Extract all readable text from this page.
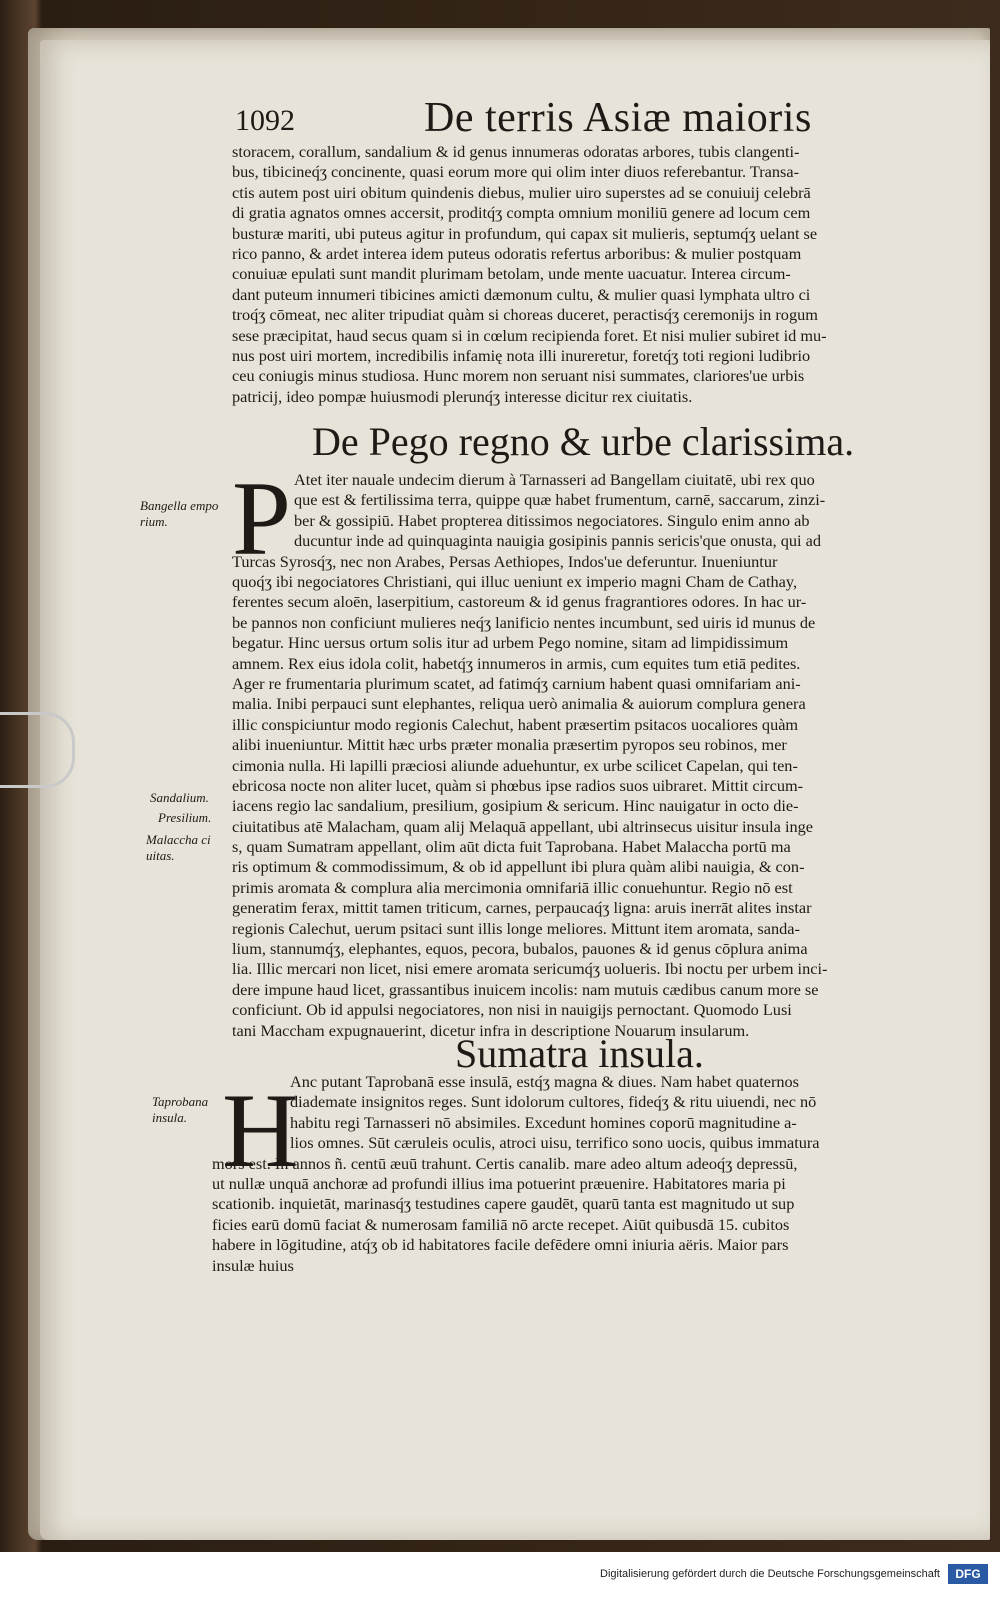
1092	De terris Asiæ maioris
storacem, corallum, sandalium & id genus innumeras odoratas arbores, tubis clangenti-
bus, tibicineq́ʒ concinente, quasi eorum more qui olim inter diuos referebantur. Transa-
ctis autem post uiri obitum quindenis diebus, mulier uiro superstes ad se conuiuij celebrā
di gratia agnatos omnes accersit, proditq́ʒ compta omnium moniliū genere ad locum cem
busturæ mariti, ubi puteus agitur in profundum, qui capax sit mulieris, septumq́ʒ uelant se
rico panno, & ardet interea idem puteus odoratis refertus arboribus: & mulier postquam
conuiuæ epulati sunt mandit plurimam betolam, unde mente uacuatur. Interea circum-
dant puteum innumeri tibicines amicti dæmonum cultu, & mulier quasi lymphata ultro ci
troq́ʒ cōmeat, nec aliter tripudiat quàm si choreas duceret, peractisq́ʒ ceremonijs in rogum
sese præcipitat, haud secus quam si in cœlum recipienda foret. Et nisi mulier subiret id mu-
nus post uiri mortem, incredibilis infamię nota illi inureretur, foretq́ʒ toti regioni ludibrio
ceu coniugis minus studiosa. Hunc morem non seruant nisi summates, clariores'ue urbis
patricij, ideo pompæ huiusmodi plerunq́ʒ interesse dicitur rex ciuitatis.
De Pego regno & urbe clarissima.
P Atet iter nauale undecim dierum à Tarnasseri ad Bangellam ciuitatē, ubi rex quo
que est & fertilissima terra, quippe quæ habet frumentum, carnē, saccarum, zinzi-
ber & gossipiū. Habet propterea ditissimos negociatores. Singulo enim anno ab
ducuntur inde ad quinquaginta nauigia gosipinis pannis sericis'que onusta, qui ad
Turcas Syrosq́ʒ, nec non Arabes, Persas Aethiopes, Indos'ue deferuntur. Inueniuntur
quoq́ʒ ibi negociatores Christiani, qui illuc ueniunt ex imperio magni Cham de Cathay,
ferentes secum aloēn, laserpitium, castoreum & id genus fragrantiores odores. In hac ur-
be pannos non conficiunt mulieres neq́ʒ lanificio nentes incumbunt, sed uiris id munus de
begatur. Hinc uersus ortum solis itur ad urbem Pego nomine, sitam ad limpidissimum
amnem. Rex eius idola colit, habetq́ʒ innumeros in armis, cum equites tum etiā pedites.
Ager re frumentaria plurimum scatet, ad fatimq́ʒ carnium habent quasi omnifariam ani-
malia. Inibi perpauci sunt elephantes, reliqua uerò animalia & auiorum complura genera
illic conspiciuntur modo regionis Calechut, habent præsertim psitacos uocaliores quàm
alibi inueniuntur. Mittit hæc urbs præter monalia præsertim pyropos seu robinos, mer
cimonia nulla. Hi lapilli præciosi aliunde aduehuntur, ex urbe scilicet Capelan, qui ten-
ebricosa nocte non aliter lucet, quàm si phœbus ipse radios suos uibraret. Mittit circum-
iacens regio lac sandalium, presilium, gosipium & sericum. Hinc nauigatur in octo die-
ciuitatibus atē Malacham, quam alij Melaquā appellant, ubi altrinsecus uisitur insula inge
s, quam Sumatram appellant, olim aūt dicta fuit Taprobana. Habet Malaccha portū ma
ris optimum & commodissimum, & ob id appellunt ibi plura quàm alibi nauigia, & con-
primis aromata & complura alia mercimonia omnifariā illic conuehuntur. Regio nō est
generatim ferax, mittit tamen triticum, carnes, perpaucaq́ʒ ligna: aruis inerrāt alites instar
regionis Calechut, uerum psitaci sunt illis longe meliores. Mittunt item aromata, sanda-
lium, stannumq́ʒ, elephantes, equos, pecora, bubalos, pauones & id genus cōplura anima
lia. Illic mercari non licet, nisi emere aromata sericumq́ʒ uolueris. Ibi noctu per urbem inci-
dere impune haud licet, grassantibus inuicem incolis: nam mutuis cædibus canum more se
conficiunt. Ob id appulsi negociatores, non nisi in nauigijs pernoctant. Quomodo Lusi
tani Maccham expugnauerint, dicetur infra in descriptione Nouarum insularum.
Sumatra insula.
H
Anc putant Taprobanā esse insulā, estq́ʒ magna & diues. Nam habet quaternos
diademate insignitos reges. Sunt idolorum cultores, fideq́ʒ & ritu uiuendi, nec nō
habitu regi Tarnasseri nō absimiles. Excedunt homines coporū magnitudine a-
lios omnes. Sūt cæruleis oculis, atroci uisu, terrifico sono uocis, quibus immatura
mors est. In annos ñ. centū æuū trahunt. Certis canalib. mare adeo altum adeoq́ʒ depressū,
ut nullæ unquā anchoræ ad profundi illius ima potuerint præuenire. Habitatores maria pi
scationib. inquietāt, marinasq́ʒ testudines capere gaudēt, quarū tanta est magnitudo ut sup
ficies earū domū faciat & numerosam familiā nō arcte recepet. Aiūt quibusdā 15. cubitos
habere in lōgitudine, atq́ʒ ob id habitatores facile defēdere omni iniuria aëris. Maior pars
insulæ huius
Bangella empo rium.
Sandalium.
Presilium.
Malaccha ci uitas.
Taprobana insula.
Digitalisierung gefördert durch die Deutsche Forschungsgemeinschaft	DFG
